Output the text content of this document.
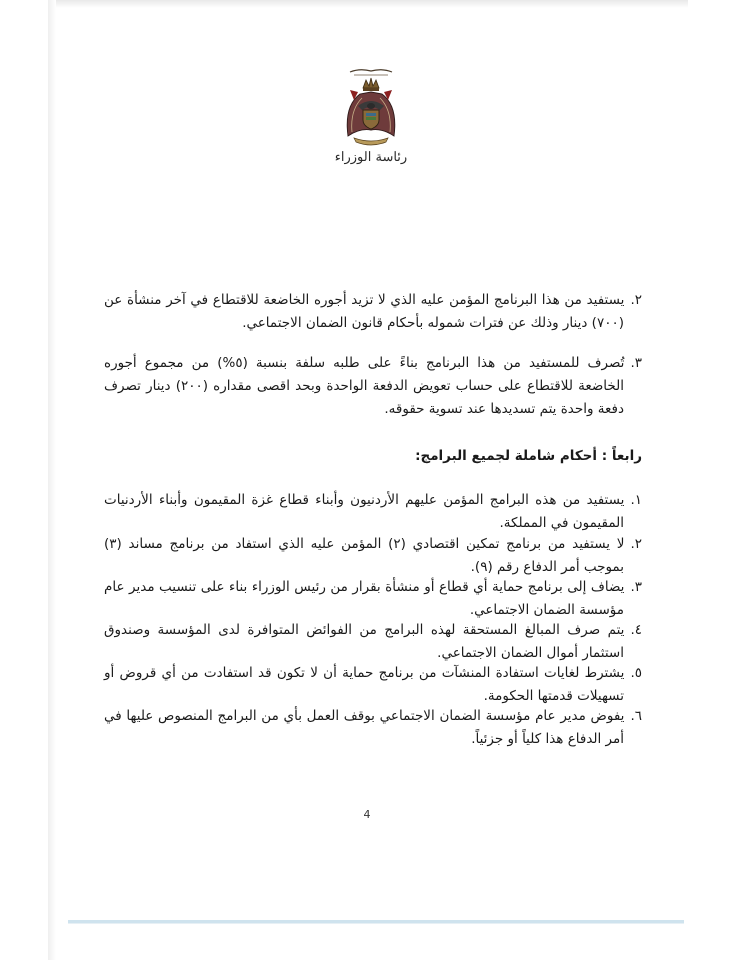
رئاسة الوزراء
٢.يستفيد من هذا البرنامج المؤمن عليه الذي لا تزيد أجوره الخاضعة للاقتطاع في آخر منشأة عن (٧٠٠) دينار وذلك عن فترات شموله بأحكام قانون الضمان الاجتماعي.
٣.تُصرف للمستفيد من هذا البرنامج بناءً على طلبه سلفة بنسبة (٥%) من مجموع أجوره الخاضعة للاقتطاع على حساب تعويض الدفعة الواحدة وبحد اقصى مقداره (٢٠٠) دينار تصرف دفعة واحدة يتم تسديدها عند تسوية حقوقه.
رابعاً : أحكام شاملة لجميع البرامج:
١.يستفيد من هذه البرامج المؤمن عليهم الأردنيون وأبناء قطاع غزة المقيمون وأبناء الأردنيات المقيمون في المملكة.
٢.لا يستفيد من برنامج تمكين اقتصادي (٢) المؤمن عليه الذي استفاد من برنامج مساند (٣) بموجب أمر الدفاع رقم (٩).
٣.يضاف إلى برنامج حماية أي قطاع أو منشأة بقرار من رئيس الوزراء بناء على تنسيب مدير عام مؤسسة الضمان الاجتماعي.
٤.يتم صرف المبالغ المستحقة لهذه البرامج من الفوائض المتوافرة لدى المؤسسة وصندوق استثمار أموال الضمان الاجتماعي.
٥.يشترط لغايات استفادة المنشآت من برنامج حماية أن لا تكون قد استفادت من أي قروض أو تسهيلات قدمتها الحكومة.
٦.يفوض مدير عام مؤسسة الضمان الاجتماعي بوقف العمل بأي من البرامج المنصوص عليها في أمر الدفاع هذا كلياً أو جزئياً.
4
